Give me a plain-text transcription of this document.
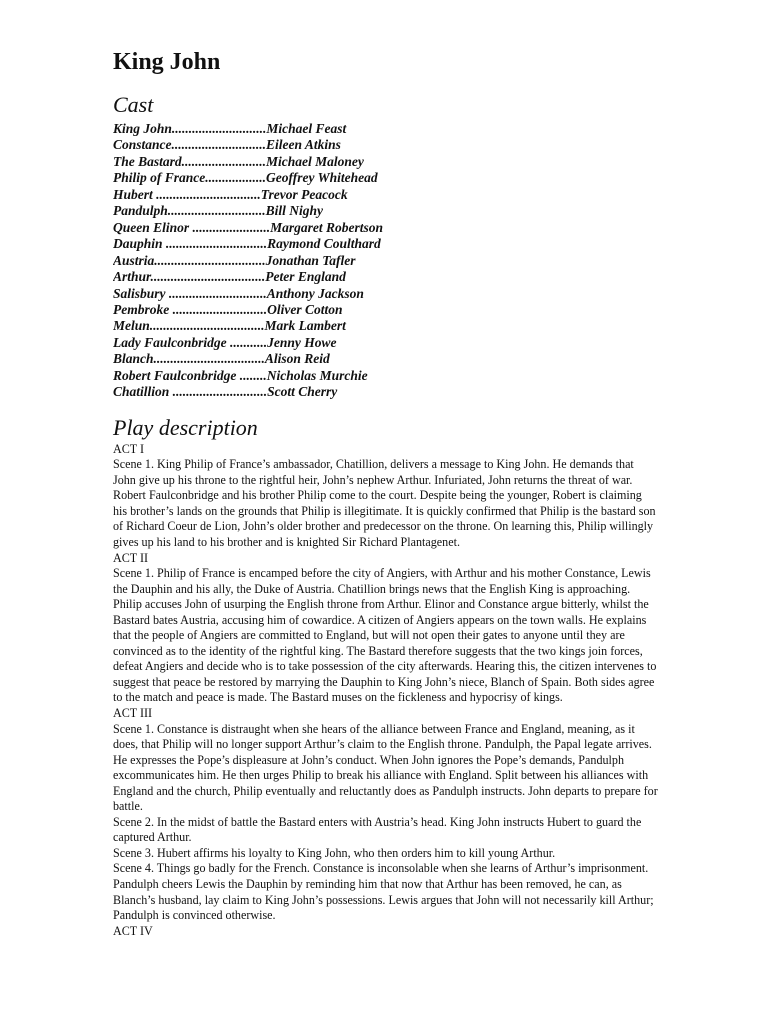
King John
Cast
King John............................Michael Feast
Constance............................Eileen Atkins
The Bastard.........................Michael Maloney
Philip of France..................Geoffrey Whitehead
Hubert ...............................Trevor Peacock
Pandulph.............................Bill Nighy
Queen Elinor .......................Margaret Robertson
Dauphin ..............................Raymond Coulthard
Austria.................................Jonathan Tafler
Arthur..................................Peter England
Salisbury .............................Anthony Jackson
Pembroke ............................Oliver Cotton
Melun..................................Mark Lambert
Lady Faulconbridge ...........Jenny Howe
Blanch.................................Alison Reid
Robert Faulconbridge ........Nicholas Murchie
Chatillion ............................Scott Cherry
Play description

ACT I

Scene 1. King Philip of France’s ambassador, Chatillion, delivers a message to King John. He demands that John give up his throne to the rightful heir, John’s nephew Arthur. Infuriated, John returns the threat of war. Robert Faulconbridge and his brother Philip come to the court. Despite being the younger, Robert is claiming his brother’s lands on the grounds that Philip is illegitimate. It is quickly confirmed that Philip is the bastard son of Richard Coeur de Lion, John’s older brother and predecessor on the throne. On learning this, Philip willingly gives up his land to his brother and is knighted Sir Richard Plantagenet.

ACT II

Scene 1. Philip of France is encamped before the city of Angiers, with Arthur and his mother Constance, Lewis the Dauphin and his ally, the Duke of Austria. Chatillion brings news that the English King is approaching. Philip accuses John of usurping the English throne from Arthur. Elinor and Constance argue bitterly, whilst the Bastard bates Austria, accusing him of cowardice. A citizen of Angiers appears on the town walls. He explains that the people of Angiers are committed to England, but will not open their gates to anyone until they are convinced as to the identity of the rightful king. The Bastard therefore suggests that the two kings join forces, defeat Angiers and decide who is to take possession of the city afterwards. Hearing this, the citizen intervenes to suggest that peace be restored by marrying the Dauphin to King John’s niece, Blanch of Spain. Both sides agree to the match and peace is made. The Bastard muses on the fickleness and hypocrisy of kings.

ACT III

Scene 1. Constance is distraught when she hears of the alliance between France and England, meaning, as it does, that Philip will no longer support Arthur’s claim to the English throne. Pandulph, the Papal legate arrives. He expresses the Pope’s displeasure at John’s conduct. When John ignores the Pope’s demands, Pandulph excommunicates him. He then urges Philip to break his alliance with England. Split between his alliances with England and the church, Philip eventually and reluctantly does as Pandulph instructs. John departs to prepare for battle.

Scene 2. In the midst of battle the Bastard enters with Austria’s head. King John instructs Hubert to guard the captured Arthur.

Scene 3. Hubert affirms his loyalty to King John, who then orders him to kill young Arthur.

Scene 4. Things go badly for the French. Constance is inconsolable when she learns of Arthur’s imprisonment. Pandulph cheers Lewis the Dauphin by reminding him that now that Arthur has been removed, he can, as Blanch’s husband, lay claim to King John’s possessions. Lewis argues that John will not necessarily kill Arthur; Pandulph is convinced otherwise.

ACT IV
